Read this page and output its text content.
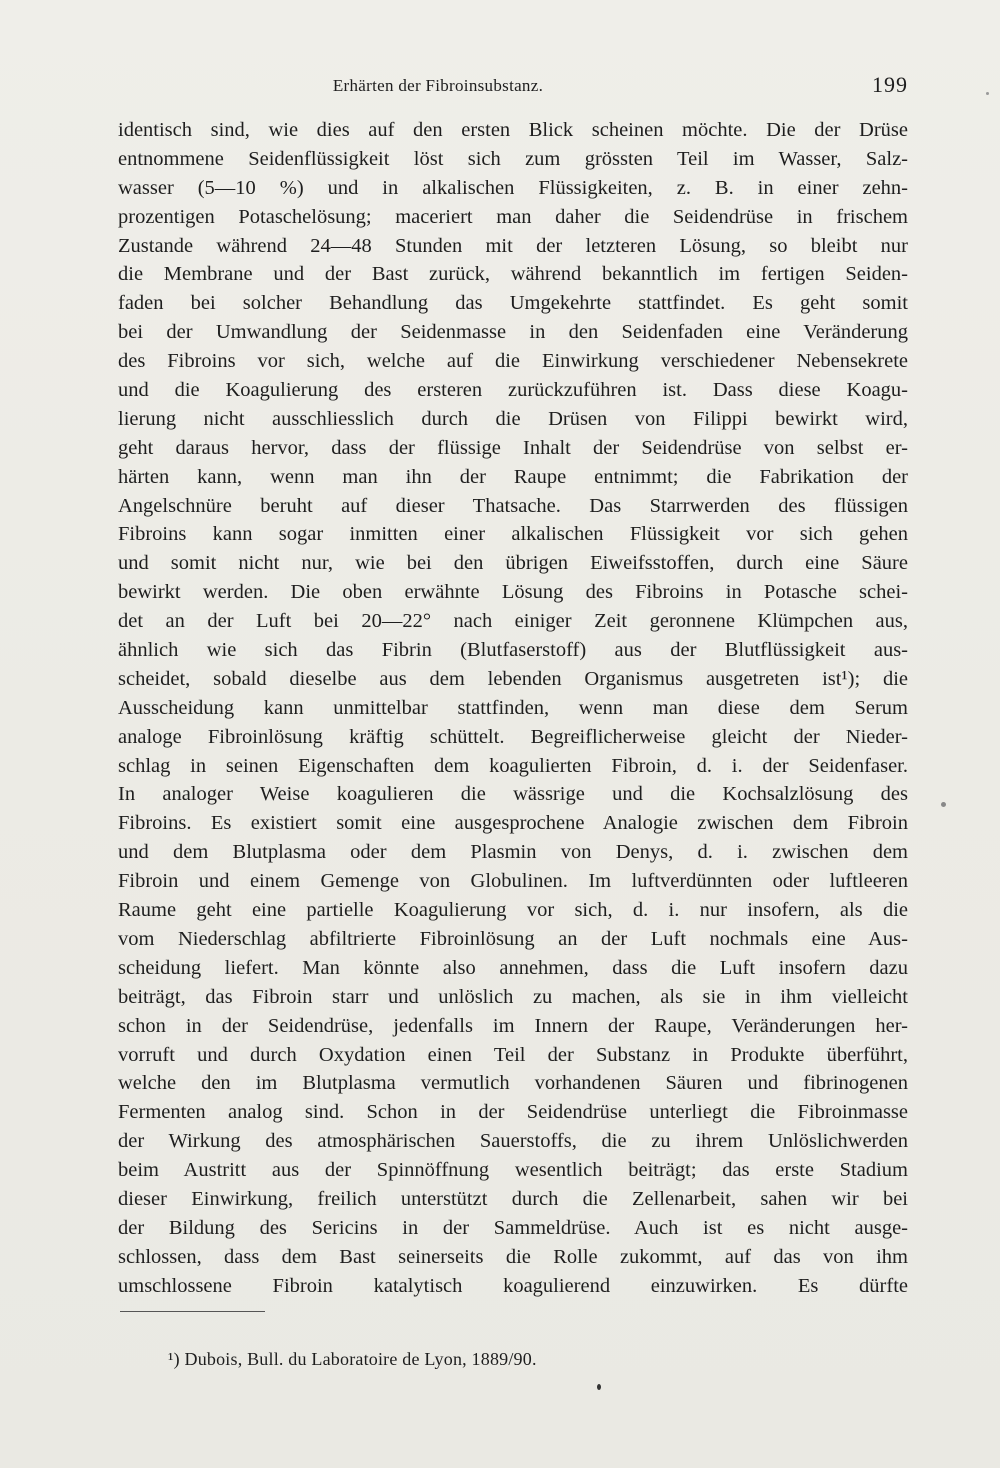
Erhärten der Fibroinsubstanz.	199
identisch sind, wie dies auf den ersten Blick scheinen möchte. Die der Drüse
entnommene Seidenflüssigkeit löst sich zum grössten Teil im Wasser, Salz-
wasser (5—10 %) und in alkalischen Flüssigkeiten, z. B. in einer zehn-
prozentigen Potaschelösung; maceriert man daher die Seidendrüse in frischem
Zustande während 24—48 Stunden mit der letzteren Lösung, so bleibt nur
die Membrane und der Bast zurück, während bekanntlich im fertigen Seiden-
faden bei solcher Behandlung das Umgekehrte stattfindet. Es geht somit
bei der Umwandlung der Seidenmasse in den Seidenfaden eine Veränderung
des Fibroins vor sich, welche auf die Einwirkung verschiedener Nebensekrete
und die Koagulierung des ersteren zurückzuführen ist. Dass diese Koagu-
lierung nicht ausschliesslich durch die Drüsen von Filippi bewirkt wird,
geht daraus hervor, dass der flüssige Inhalt der Seidendrüse von selbst er-
härten kann, wenn man ihn der Raupe entnimmt; die Fabrikation der
Angelschnüre beruht auf dieser Thatsache. Das Starrwerden des flüssigen
Fibroins kann sogar inmitten einer alkalischen Flüssigkeit vor sich gehen
und somit nicht nur, wie bei den übrigen Eiweifsstoffen, durch eine Säure
bewirkt werden. Die oben erwähnte Lösung des Fibroins in Potasche schei-
det an der Luft bei 20—22° nach einiger Zeit geronnene Klümpchen aus,
ähnlich wie sich das Fibrin (Blutfaserstoff) aus der Blutflüssigkeit aus-
scheidet, sobald dieselbe aus dem lebenden Organismus ausgetreten ist¹); die
Ausscheidung kann unmittelbar stattfinden, wenn man diese dem Serum
analoge Fibroinlösung kräftig schüttelt. Begreiflicherweise gleicht der Nieder-
schlag in seinen Eigenschaften dem koagulierten Fibroin, d. i. der Seidenfaser.
In analoger Weise koagulieren die wässrige und die Kochsalzlösung des
Fibroins. Es existiert somit eine ausgesprochene Analogie zwischen dem Fibroin
und dem Blutplasma oder dem Plasmin von Denys, d. i. zwischen dem
Fibroin und einem Gemenge von Globulinen. Im luftverdünnten oder luftleeren
Raume geht eine partielle Koagulierung vor sich, d. i. nur insofern, als die
vom Niederschlag abfiltrierte Fibroinlösung an der Luft nochmals eine Aus-
scheidung liefert. Man könnte also annehmen, dass die Luft insofern dazu
beiträgt, das Fibroin starr und unlöslich zu machen, als sie in ihm vielleicht
schon in der Seidendrüse, jedenfalls im Innern der Raupe, Veränderungen her-
vorruft und durch Oxydation einen Teil der Substanz in Produkte überführt,
welche den im Blutplasma vermutlich vorhandenen Säuren und fibrinogenen
Fermenten analog sind. Schon in der Seidendrüse unterliegt die Fibroinmasse
der Wirkung des atmosphärischen Sauerstoffs, die zu ihrem Unlöslichwerden
beim Austritt aus der Spinnöffnung wesentlich beiträgt; das erste Stadium
dieser Einwirkung, freilich unterstützt durch die Zellenarbeit, sahen wir bei
der Bildung des Sericins in der Sammeldrüse. Auch ist es nicht ausge-
schlossen, dass dem Bast seinerseits die Rolle zukommt, auf das von ihm
umschlossene Fibroin katalytisch koagulierend einzuwirken. Es dürfte
¹) Dubois, Bull. du Laboratoire de Lyon, 1889/90.
